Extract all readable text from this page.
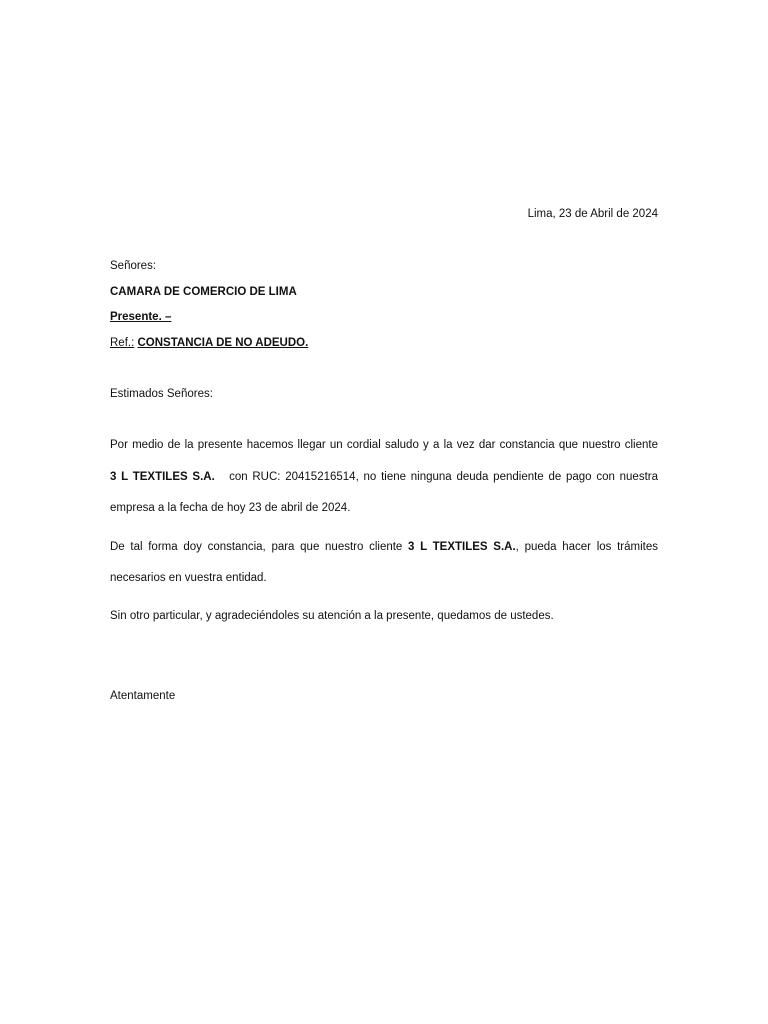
Lima, 23 de Abril de 2024
Señores:
CAMARA DE COMERCIO DE LIMA
Presente. –
Ref.: CONSTANCIA DE NO ADEUDO.
Estimados Señores:
Por medio de la presente hacemos llegar un cordial saludo y a la vez dar constancia que nuestro cliente
3 L TEXTILES S.A. con RUC: 20415216514, no tiene ninguna deuda pendiente de pago con nuestra
empresa a la fecha de hoy 23 de abril de 2024.
De tal forma doy constancia, para que nuestro cliente 3 L TEXTILES S.A., pueda hacer los trámites
necesarios en vuestra entidad.
Sin otro particular, y agradeciéndoles su atención a la presente, quedamos de ustedes.
Atentamente
